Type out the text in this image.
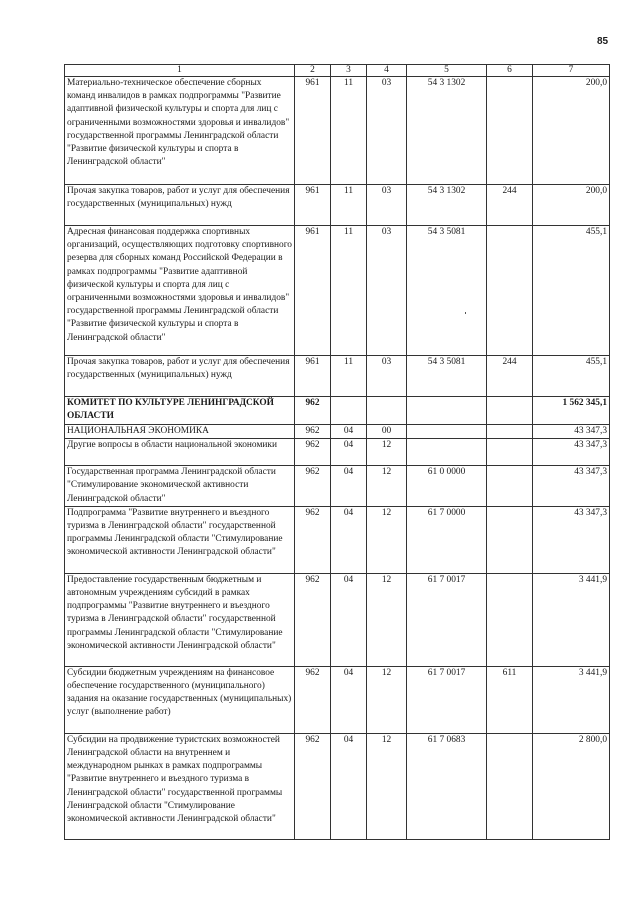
85
1	2	3	4	5	6	7
Материально-техническое обеспечение сборных команд инвалидов в рамках подпрограммы "Развитие адаптивной физической культуры и спорта для лиц с ограниченными возможностями здоровья и инвалидов" государственной программы Ленинградской области "Развитие физической культуры и спорта в Ленинградской области"	961	11	03	54 3 1302		200,0
Прочая закупка товаров, работ и услуг для обеспечения государственных (муниципальных) нужд	961	11	03	54 3 1302	244	200,0
Адресная финансовая поддержка спортивных организаций, осуществляющих подготовку спортивного резерва для сборных команд Российской Федерации в рамках подпрограммы "Развитие адаптивной физической культуры и спорта для лиц с ограниченными возможностями здоровья и инвалидов" государственной программы Ленинградской области "Развитие физической культуры и спорта в Ленинградской области"	961	11	03	54 3 5081		455,1
Прочая закупка товаров, работ и услуг для обеспечения государственных (муниципальных) нужд	961	11	03	54 3 5081	244	455,1
КОМИТЕТ ПО КУЛЬТУРЕ ЛЕНИНГРАДСКОЙ ОБЛАСТИ	962					1 562 345,1
НАЦИОНАЛЬНАЯ ЭКОНОМИКА	962	04	00			43 347,3
Другие вопросы в области национальной экономики	962	04	12			43 347,3
Государственная программа Ленинградской области "Стимулирование экономической активности Ленинградской области"	962	04	12	61 0 0000		43 347,3
Подпрограмма "Развитие внутреннего и въездного туризма в Ленинградской области" государственной программы Ленинградской области "Стимулирование экономической активности Ленинградской области"	962	04	12	61 7 0000		43 347,3
Предоставление государственным бюджетным и автономным учреждениям субсидий в рамках подпрограммы "Развитие внутреннего и въездного туризма в Ленинградской области" государственной программы Ленинградской области "Стимулирование экономической активности Ленинградской области"	962	04	12	61 7 0017		3 441,9
Субсидии бюджетным учреждениям на финансовое обеспечение государственного (муниципального) задания на оказание государственных (муниципальных) услуг (выполнение работ)	962	04	12	61 7 0017	611	3 441,9
Субсидии на продвижение туристских возможностей Ленинградской области на внутреннем и международном рынках в рамках подпрограммы "Развитие внутреннего и въездного туризма в Ленинградской области" государственной программы Ленинградской области "Стимулирование экономической активности Ленинградской области"	962	04	12	61 7 0683		2 800,0
